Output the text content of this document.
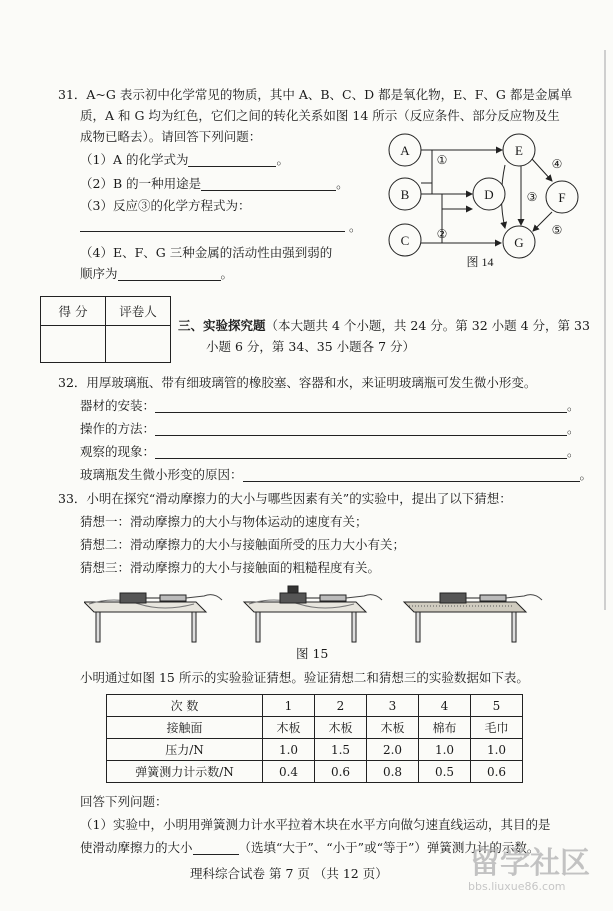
31．A~G 表示初中化学常见的物质，其中 A、B、C、D 都是氧化物，E、F、G 都是金属单
质，A 和 G 均为红色，它们之间的转化关系如图 14 所示（反应条件、部分反应物及生
成物已略去）。请回答下列问题：
（1）A 的化学式为	。
（2）B 的一种用途是	。
（3）反应③的化学方程式为：
。
（4）E、F、G 三种金属的活动性由强到弱的
顺序为	。
A
B
C
D
E
F
G
①
②
③
④
⑤
图 14
得 分	评卷人

三、实验探究题（本大题共 4 个小题，共 24 分。第 32 小题 4 分，第 33
小题 6 分，第 34、35 小题各 7 分）
32．用厚玻璃瓶、带有细玻璃管的橡胶塞、容器和水，来证明玻璃瓶可发生微小形变。
器材的安装：	。
操作的方法：	。
观察的现象：	。
玻璃瓶发生微小形变的原因：	。
33．小明在探究“滑动摩擦力的大小与哪些因素有关”的实验中，提出了以下猜想：
猜想一：滑动摩擦力的大小与物体运动的速度有关；
猜想二：滑动摩擦力的大小与接触面所受的压力大小有关；
猜想三：滑动摩擦力的大小与接触面的粗糙程度有关。
图 15
小明通过如图 15 所示的实验验证猜想。验证猜想二和猜想三的实验数据如下表。
次 数	1	2	3	4	5
接触面	木板	木板	木板	棉布	毛巾
压力/N	1.0	1.5	2.0	1.0	1.0
弹簧测力计示数/N	0.4	0.6	0.8	0.5	0.6
回答下列问题：
（1）实验中，小明用弹簧测力计水平拉着木块在水平方向做匀速直线运动，其目的是
使滑动摩擦力的大小	（选填“大于”、“小于”或“等于”）弹簧测力计的示数。
理科综合试卷 第 7 页 （共 12 页）	留学社区
bbs.liuxue86.com
